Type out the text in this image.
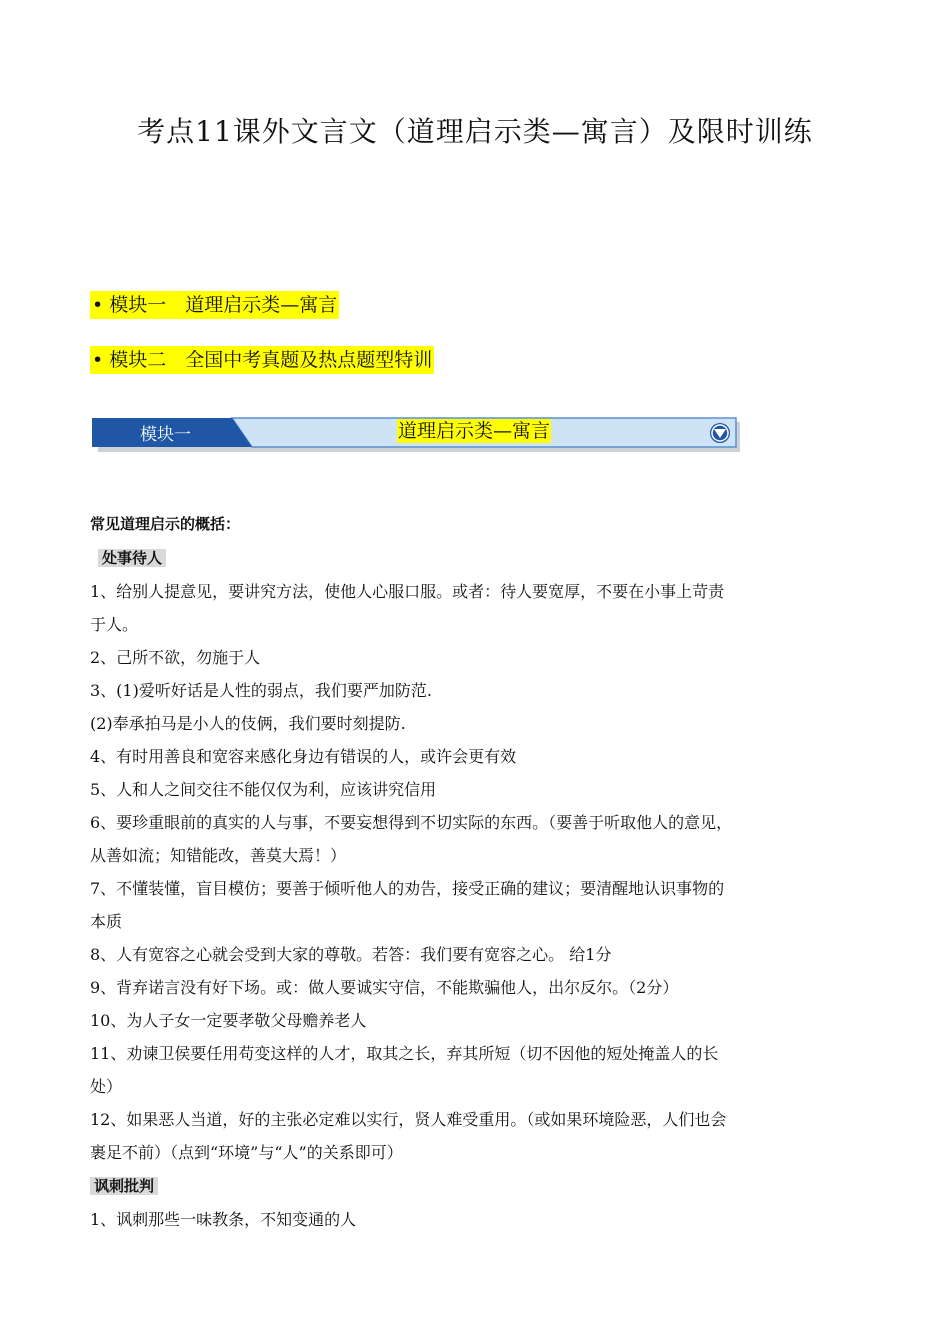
考点11课外文言文（道理启示类—寓言）及限时训练
• 模块一　道理启示类—寓言
• 模块二　全国中考真题及热点题型特训
模块一	道理启示类—寓言

常见道理启示的概括：

处事待人

1、给别人提意见，要讲究方法，使他人心服口服。或者：待人要宽厚，不要在小事上苛责

于人。

2、己所不欲，勿施于人

3、(1)爱听好话是人性的弱点，我们要严加防范.

(2)奉承拍马是小人的伎俩，我们要时刻提防.

4、有时用善良和宽容来感化身边有错误的人，或许会更有效

5、人和人之间交往不能仅仅为利，应该讲究信用

6、要珍重眼前的真实的人与事，不要妄想得到不切实际的东西。（要善于听取他人的意见，

从善如流；知错能改，善莫大焉！）

7、不懂装懂，盲目模仿；要善于倾听他人的劝告，接受正确的建议；要清醒地认识事物的

本质

8、人有宽容之心就会受到大家的尊敬。若答：我们要有宽容之心。 给1分

9、背弃诺言没有好下场。或：做人要诚实守信，不能欺骗他人，出尔反尔。（2分）

10、为人子女一定要孝敬父母赡养老人

11、劝谏卫侯要任用苟变这样的人才，取其之长，弃其所短（切不因他的短处掩盖人的长

处）

12、如果恶人当道，好的主张必定难以实行，贤人难受重用。（或如果环境险恶，人们也会

裹足不前）（点到“环境”与“人”的关系即可）

讽刺批判

1、讽刺那些一味教条，不知变通的人
